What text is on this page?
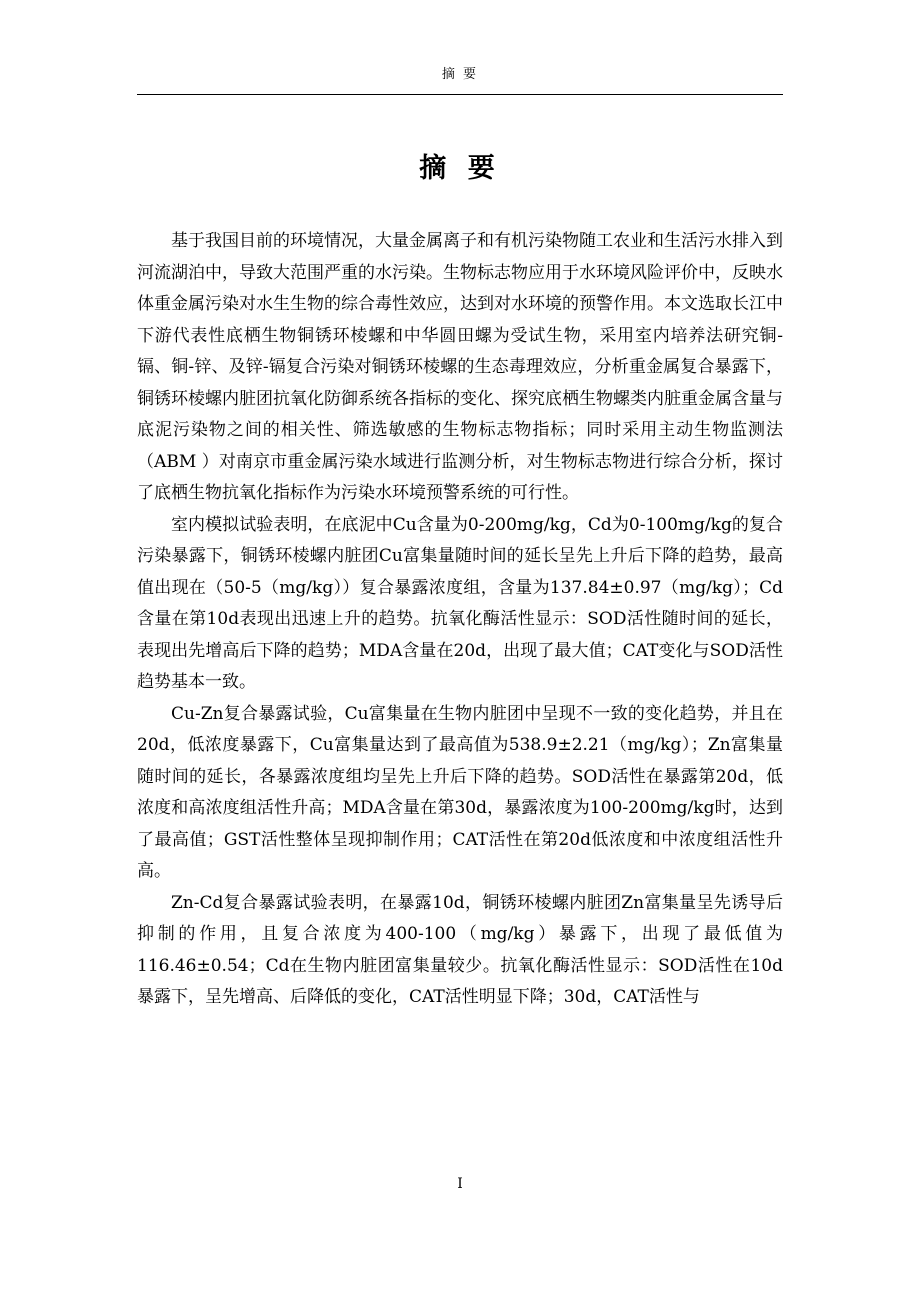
摘 要
摘 要

基于我国目前的环境情况，大量金属离子和有机污染物随工农业和生活污水排入到河流湖泊中，导致大范围严重的水污染。生物标志物应用于水环境风险评价中，反映水体重金属污染对水生生物的综合毒性效应，达到对水环境的预警作用。本文选取长江中下游代表性底栖生物铜锈环棱螺和中华圆田螺为受试生物，采用室内培养法研究铜-镉、铜-锌、及锌-镉复合污染对铜锈环棱螺的生态毒理效应，分析重金属复合暴露下，铜锈环棱螺内脏团抗氧化防御系统各指标的变化、探究底栖生物螺类内脏重金属含量与底泥污染物之间的相关性、筛选敏感的生物标志物指标；同时采用主动生物监测法（ABM ）对南京市重金属污染水域进行监测分析，对生物标志物进行综合分析，探讨了底栖生物抗氧化指标作为污染水环境预警系统的可行性。

室内模拟试验表明，在底泥中Cu含量为0-200mg/kg，Cd为0-100mg/kg的复合污染暴露下，铜锈环棱螺内脏团Cu富集量随时间的延长呈先上升后下降的趋势，最高值出现在（50-5（mg/kg））复合暴露浓度组，含量为137.84±0.97（mg/kg）；Cd含量在第10d表现出迅速上升的趋势。抗氧化酶活性显示：SOD活性随时间的延长，表现出先增高后下降的趋势；MDA含量在20d，出现了最大值；CAT变化与SOD活性趋势基本一致。

Cu-Zn复合暴露试验，Cu富集量在生物内脏团中呈现不一致的变化趋势，并且在20d，低浓度暴露下，Cu富集量达到了最高值为538.9±2.21（mg/kg）；Zn富集量随时间的延长，各暴露浓度组均呈先上升后下降的趋势。SOD活性在暴露第20d，低浓度和高浓度组活性升高；MDA含量在第30d，暴露浓度为100-200mg/kg时，达到了最高值；GST活性整体呈现抑制作用；CAT活性在第20d低浓度和中浓度组活性升高。

Zn-Cd复合暴露试验表明，在暴露10d，铜锈环棱螺内脏团Zn富集量呈先诱导后抑制的作用，且复合浓度为400-100（mg/kg）暴露下，出现了最低值为116.46±0.54；Cd在生物内脏团富集量较少。抗氧化酶活性显示：SOD活性在10d暴露下，呈先增高、后降低的变化，CAT活性明显下降；30d，CAT活性与

I
